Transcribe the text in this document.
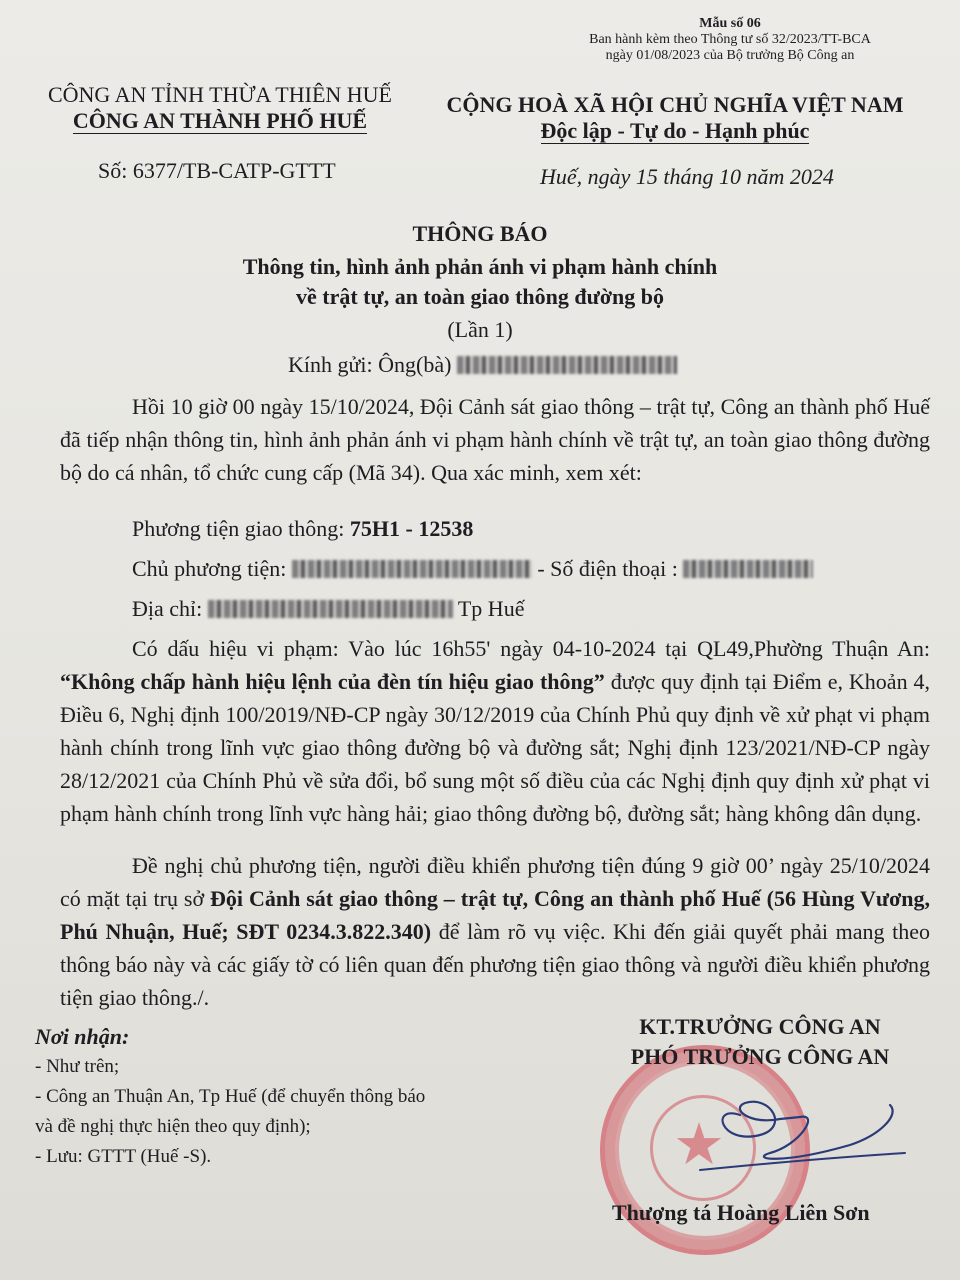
Mẫu số 06
Ban hành kèm theo Thông tư số 32/2023/TT-BCA
ngày 01/08/2023 của Bộ trưởng Bộ Công an
CÔNG AN TỈNH THỪA THIÊN HUẾ
CÔNG AN THÀNH PHỐ HUẾ
Số: 6377/TB-CATP-GTTT
CỘNG HOÀ XÃ HỘI CHỦ NGHĨA VIỆT NAM
Độc lập - Tự do - Hạnh phúc
Huế, ngày 15 tháng 10 năm 2024
THÔNG BÁO
Thông tin, hình ảnh phản ánh vi phạm hành chính
về trật tự, an toàn giao thông đường bộ
(Lần 1)
Kính gửi: Ông(bà)
Hồi 10 giờ 00 ngày 15/10/2024, Đội Cảnh sát giao thông – trật tự, Công an thành phố Huế đã tiếp nhận thông tin, hình ảnh phản ánh vi phạm hành chính về trật tự, an toàn giao thông đường bộ do cá nhân, tổ chức cung cấp (Mã 34). Qua xác minh, xem xét:
Phương tiện giao thông: 75H1 - 12538
Chủ phương tiện:	- Số điện thoại :
Địa chỉ:	Tp Huế
Có dấu hiệu vi phạm: Vào lúc 16h55' ngày 04-10-2024 tại QL49,Phường Thuận An: “Không chấp hành hiệu lệnh của đèn tín hiệu giao thông” được quy định tại Điểm e, Khoản 4, Điều 6, Nghị định 100/2019/NĐ-CP ngày 30/12/2019 của Chính Phủ quy định về xử phạt vi phạm hành chính trong lĩnh vực giao thông đường bộ và đường sắt; Nghị định 123/2021/NĐ-CP ngày 28/12/2021 của Chính Phủ về sửa đổi, bổ sung một số điều của các Nghị định quy định xử phạt vi phạm hành chính trong lĩnh vực hàng hải; giao thông đường bộ, đường sắt; hàng không dân dụng.
Đề nghị chủ phương tiện, người điều khiển phương tiện đúng 9 giờ 00’ ngày 25/10/2024 có mặt tại trụ sở Đội Cảnh sát giao thông – trật tự, Công an thành phố Huế (56 Hùng Vương, Phú Nhuận, Huế; SĐT 0234.3.822.340) để làm rõ vụ việc. Khi đến giải quyết phải mang theo thông báo này và các giấy tờ có liên quan đến phương tiện giao thông và người điều khiển phương tiện giao thông./.
Nơi nhận:
- Như trên;
- Công an Thuận An, Tp Huế (để chuyển thông báo
và đề nghị thực hiện theo quy định);
- Lưu: GTTT (Huế -S).	★
KT.TRƯỞNG CÔNG AN
PHÓ TRƯỞNG CÔNG AN
Thượng tá Hoàng Liên Sơn
